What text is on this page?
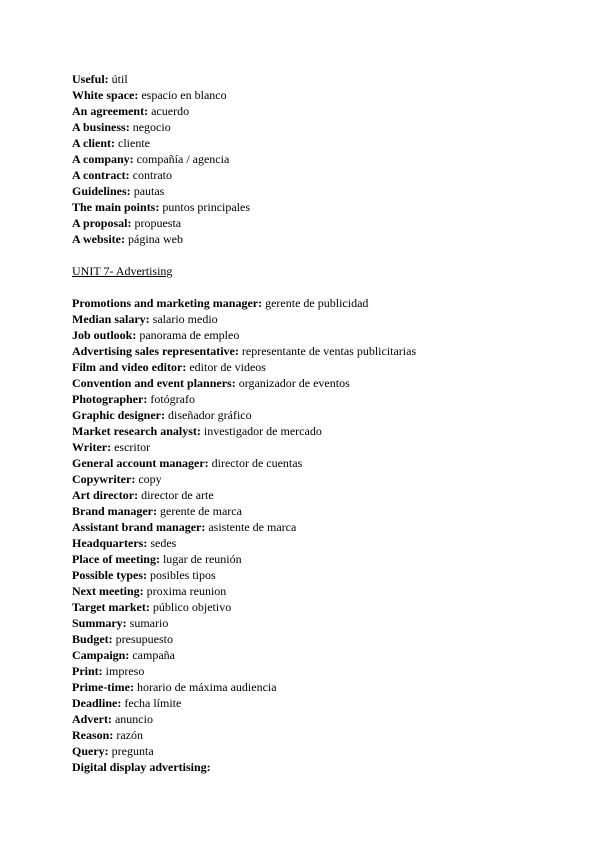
Useful: útil
White space: espacio en blanco
An agreement: acuerdo
A business: negocio
A client: cliente
A company: compañía / agencia
A contract: contrato
Guidelines: pautas
The main points: puntos principales
A proposal: propuesta
A website: página web
UNIT 7- Advertising
Promotions and marketing manager: gerente de publicidad
Median salary: salario medio
Job outlook: panorama de empleo
Advertising sales representative: representante de ventas publicitarias
Film and video editor: editor de videos
Convention and event planners: organizador de eventos
Photographer: fotógrafo
Graphic designer: diseñador gráfico
Market research analyst: investigador de mercado
Writer: escritor
General account manager: director de cuentas
Copywriter: copy
Art director: director de arte
Brand manager: gerente de marca
Assistant brand manager: asistente de marca
Headquarters: sedes
Place of meeting: lugar de reunión
Possible types: posibles tipos
Next meeting: proxima reunion
Target market: público objetivo
Summary: sumario
Budget: presupuesto
Campaign: campaña
Print: impreso
Prime-time: horario de máxima audiencia
Deadline: fecha límite
Advert: anuncio
Reason: razón
Query: pregunta
Digital display advertising:
